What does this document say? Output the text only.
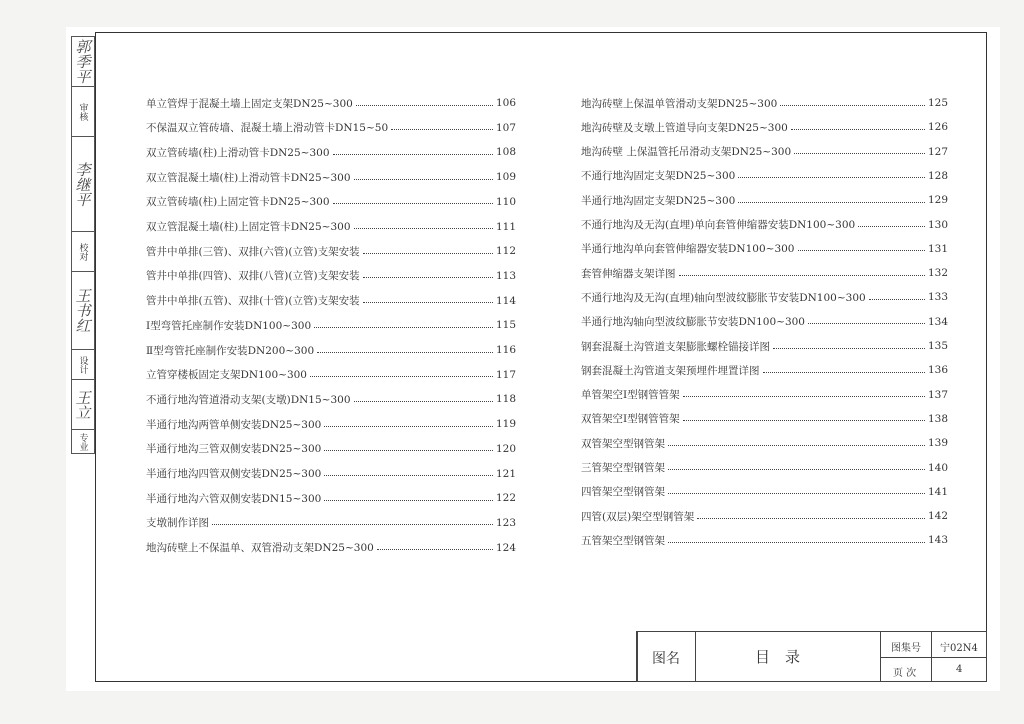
郭季平
审核
李继平
校对
王书红
设计
王立
专业
单立管焊于混凝土墙上固定支架DN25~300	106
不保温双立管砖墙、混凝土墙上滑动管卡DN15~50	107
双立管砖墙(柱)上滑动管卡DN25~300	108
双立管混凝土墙(柱)上滑动管卡DN25~300	109
双立管砖墙(柱)上固定管卡DN25~300	110
双立管混凝土墙(柱)上固定管卡DN25~300	111
管井中单排(三管)、双排(六管)(立管)支架安装	112
管井中单排(四管)、双排(八管)(立管)支架安装	113
管井中单排(五管)、双排(十管)(立管)支架安装	114
Ⅰ型弯管托座制作安装DN100~300	115
Ⅱ型弯管托座制作安装DN200~300	116
立管穿楼板固定支架DN100~300	117
不通行地沟管道滑动支架(支墩)DN15~300	118
半通行地沟两管单侧安装DN25~300	119
半通行地沟三管双侧安装DN25~300	120
半通行地沟四管双侧安装DN25~300	121
半通行地沟六管双侧安装DN15~300	122
支墩制作详图	123
地沟砖壁上不保温单、双管滑动支架DN25~300	124
地沟砖壁上保温单管滑动支架DN25~300	125
地沟砖壁及支墩上管道导向支架DN25~300	126
地沟砖壁 上保温管托吊滑动支架DN25~300	127
不通行地沟固定支架DN25~300	128
半通行地沟固定支架DN25~300	129
不通行地沟及无沟(直埋)单向套管伸缩器安装DN100~300	130
半通行地沟单向套管伸缩器安装DN100~300	131
套管伸缩器支架详图	132
不通行地沟及无沟(直埋)轴向型波纹膨胀节安装DN100~300	133
半通行地沟轴向型波纹膨胀节安装DN100~300	134
钢套混凝土沟管道支架膨胀螺栓锚接详图	135
钢套混凝土沟管道支架预埋件埋置详图	136
单管架空Ⅰ型钢管管架	137
双管架空Ⅰ型钢管管架	138
双管架空型钢管架	139
三管架空型钢管架	140
四管架空型钢管架	141
四管(双层)架空型钢管架	142
五管架空型钢管架	143
图名	目　录	图集号 宁02N4
页 次	4
